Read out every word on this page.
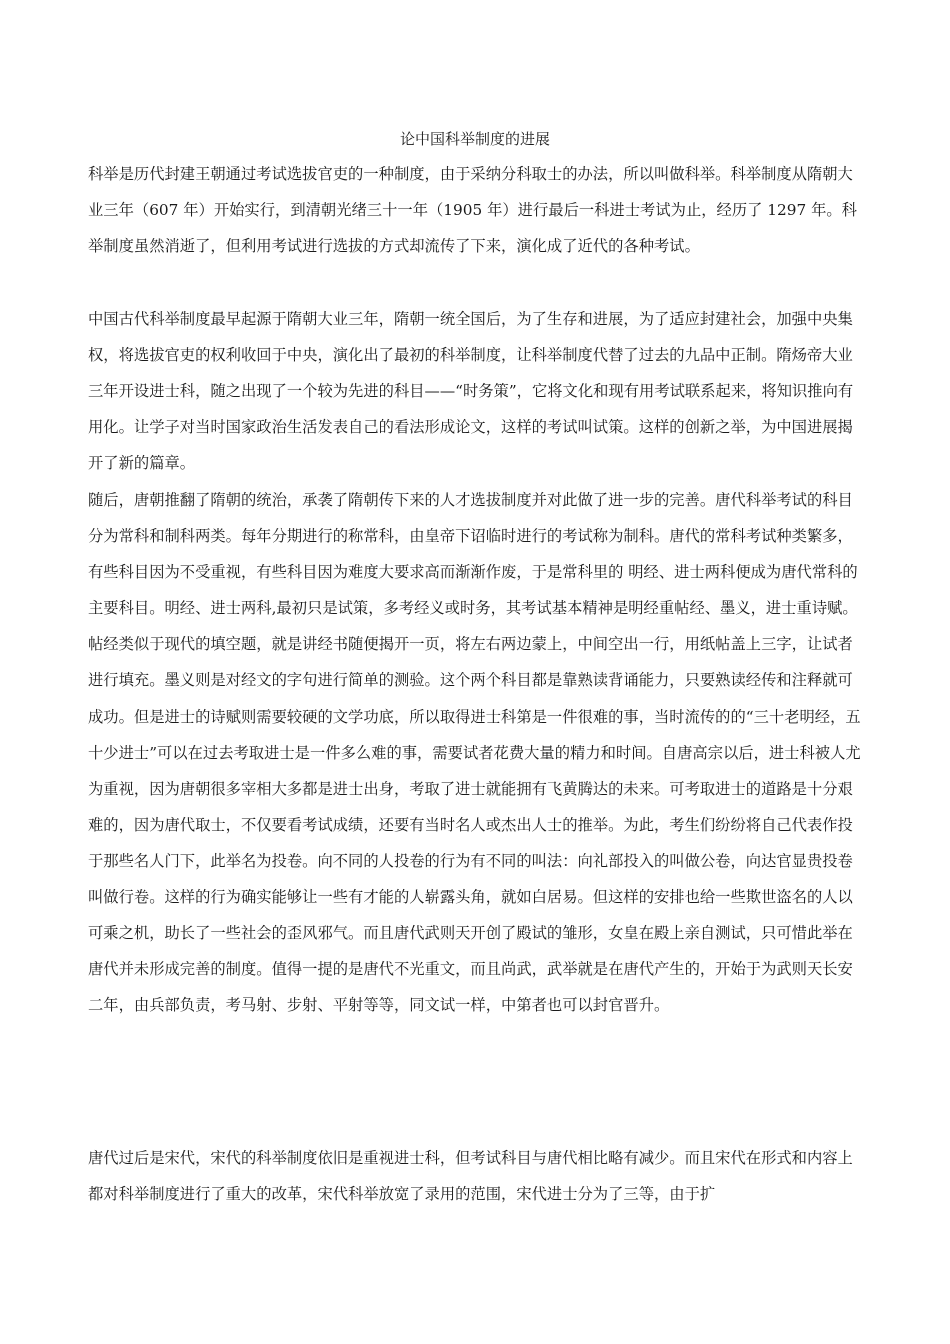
论中国科举制度的进展

科举是历代封建王朝通过考试选拔官吏的一种制度，由于采纳分科取士的办法，所以叫做科举。科举制度从隋朝大业三年（607 年）开始实行，到清朝光绪三十一年（1905 年）进行最后一科进士考试为止，经历了 1297 年。科举制度虽然消逝了，但利用考试进行选拔的方式却流传了下来，演化成了近代的各种考试。

中国古代科举制度最早起源于隋朝大业三年，隋朝一统全国后，为了生存和进展，为了适应封建社会，加强中央集权，将选拔官吏的权利收回于中央，演化出了最初的科举制度，让科举制度代替了过去的九品中正制。隋炀帝大业三年开设进士科，随之出现了一个较为先进的科目——“时务策”，它将文化和现有用考试联系起来，将知识推向有用化。让学子对当时国家政治生活发表自己的看法形成论文，这样的考试叫试策。这样的创新之举，为中国进展揭开了新的篇章。

随后，唐朝推翻了隋朝的统治，承袭了隋朝传下来的人才选拔制度并对此做了进一步的完善。唐代科举考试的科目分为常科和制科两类。每年分期进行的称常科，由皇帝下诏临时进行的考试称为制科。唐代的常科考试种类繁多，有些科目因为不受重视，有些科目因为难度大要求高而渐渐作废，于是常科里的 明经、进士两科便成为唐代常科的主要科目。明经、进士两科,最初只是试策，多考经义或时务，其考试基本精神是明经重帖经、墨义，进士重诗赋。帖经类似于现代的填空题，就是讲经书随便揭开一页，将左右两边蒙上，中间空出一行，用纸帖盖上三字，让试者进行填充。墨义则是对经文的字句进行简单的测验。这个两个科目都是靠熟读背诵能力，只要熟读经传和注释就可成功。但是进士的诗赋则需要较硬的文学功底，所以取得进士科第是一件很难的事，当时流传的的“三十老明经，五十少进士”可以在过去考取进士是一件多么难的事，需要试者花费大量的精力和时间。自唐高宗以后，进士科被人尤为重视，因为唐朝很多宰相大多都是进士出身，考取了进士就能拥有飞黄腾达的未来。可考取进士的道路是十分艰难的，因为唐代取士，不仅要看考试成绩，还要有当时名人或杰出人士的推举。为此，考生们纷纷将自己代表作投于那些名人门下，此举名为投卷。向不同的人投卷的行为有不同的叫法：向礼部投入的叫做公卷，向达官显贵投卷叫做行卷。这样的行为确实能够让一些有才能的人崭露头角，就如白居易。但这样的安排也给一些欺世盗名的人以可乘之机，助长了一些社会的歪风邪气。而且唐代武则天开创了殿试的雏形，女皇在殿上亲自测试，只可惜此举在唐代并未形成完善的制度。值得一提的是唐代不光重文，而且尚武，武举就是在唐代产生的，开始于为武则天长安二年，由兵部负责，考马射、步射、平射等等，同文试一样，中第者也可以封官晋升。

唐代过后是宋代，宋代的科举制度依旧是重视进士科，但考试科目与唐代相比略有减少。而且宋代在形式和内容上都对科举制度进行了重大的改革，宋代科举放宽了录用的范围，宋代进士分为了三等，由于扩
